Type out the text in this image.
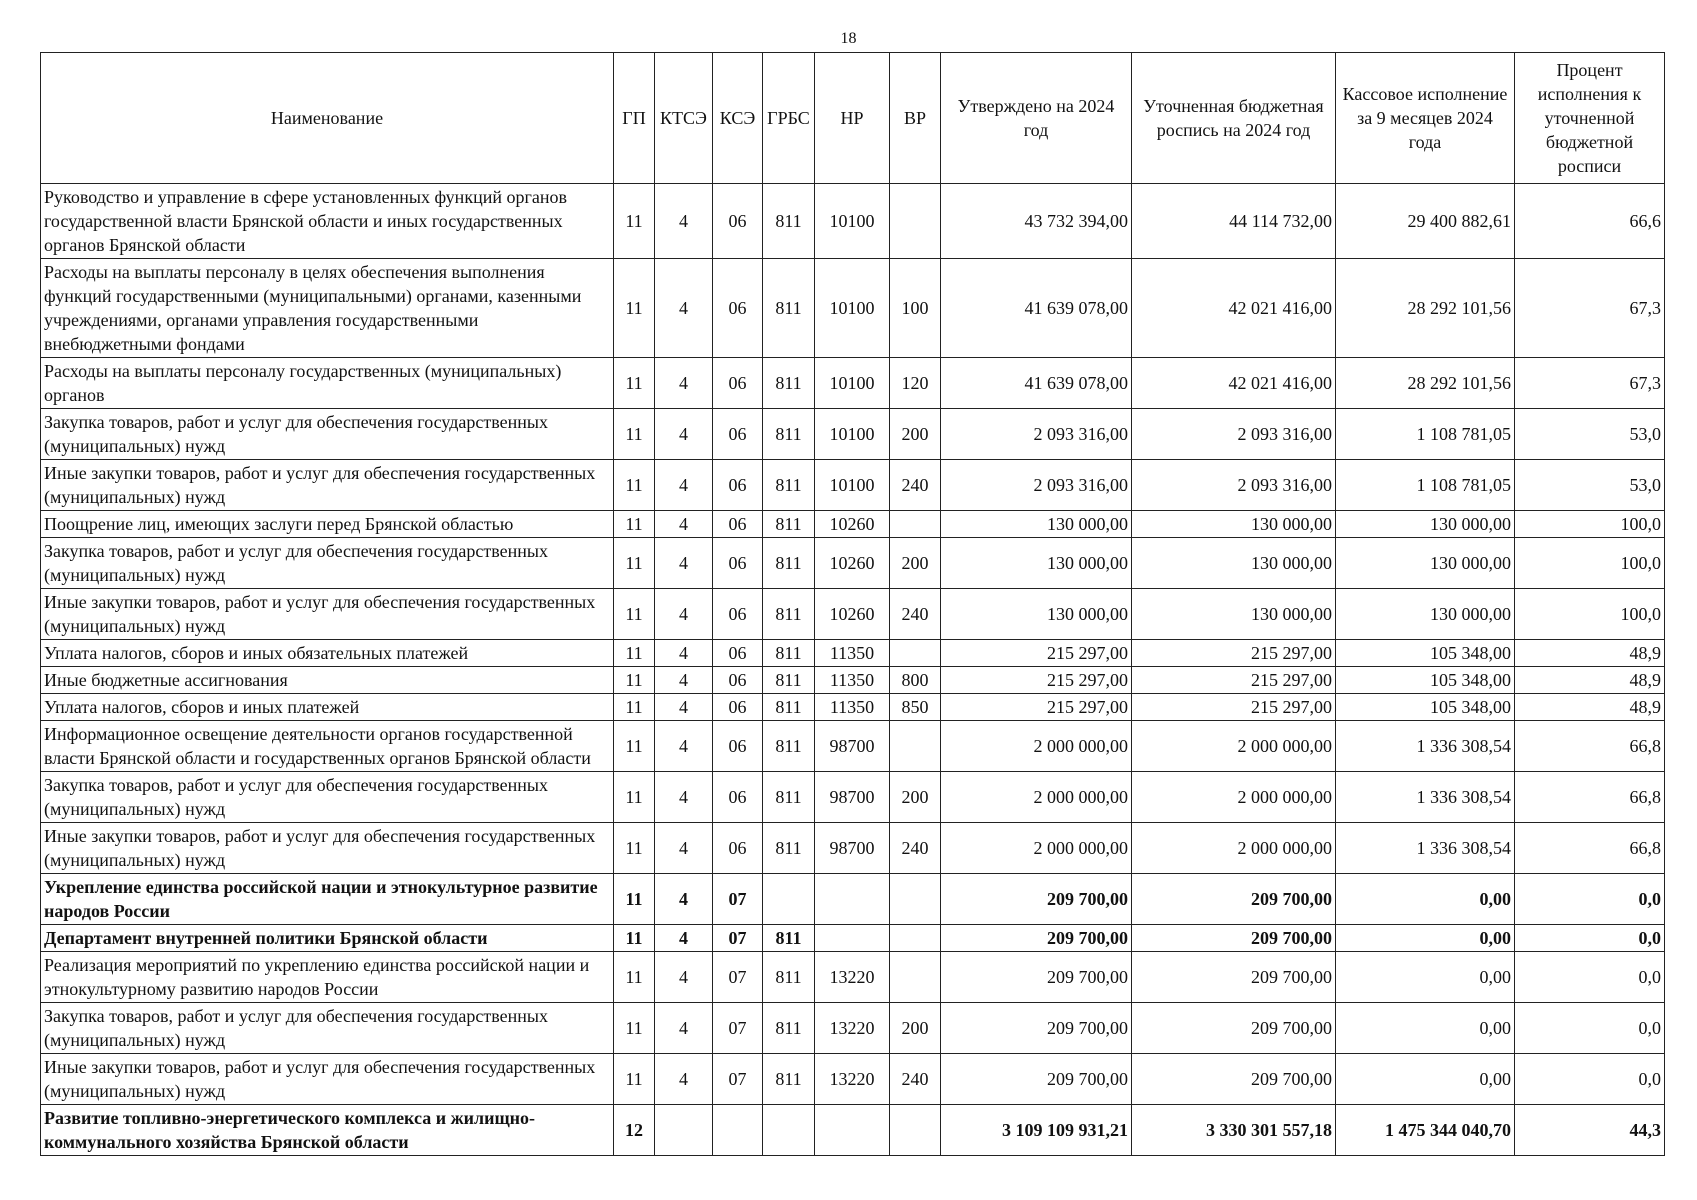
18
Наименование	ГП	КТСЭ	КСЭ	ГРБС	НР	ВР	Утверждено на 2024 год	Уточненная бюджетная роспись на 2024 год	Кассовое исполнение за 9 месяцев 2024 года	Процент исполнения к уточненной бюджетной росписи
Руководство и управление в сфере установленных функций органов государственной власти Брянской области и иных государственных органов Брянской области	11	4	06	811	10100		43 732 394,00	44 114 732,00	29 400 882,61	66,6
Расходы на выплаты персоналу в целях обеспечения выполнения функций государственными (муниципальными) органами, казенными учреждениями, органами управления государственными внебюджетными фондами	11	4	06	811	10100	100	41 639 078,00	42 021 416,00	28 292 101,56	67,3
Расходы на выплаты персоналу государственных (муниципальных) органов	11	4	06	811	10100	120	41 639 078,00	42 021 416,00	28 292 101,56	67,3
Закупка товаров, работ и услуг для обеспечения государственных (муниципальных) нужд	11	4	06	811	10100	200	2 093 316,00	2 093 316,00	1 108 781,05	53,0
Иные закупки товаров, работ и услуг для обеспечения государственных (муниципальных) нужд	11	4	06	811	10100	240	2 093 316,00	2 093 316,00	1 108 781,05	53,0
Поощрение лиц, имеющих заслуги перед Брянской областью	11	4	06	811	10260		130 000,00	130 000,00	130 000,00	100,0
Закупка товаров, работ и услуг для обеспечения государственных (муниципальных) нужд	11	4	06	811	10260	200	130 000,00	130 000,00	130 000,00	100,0
Иные закупки товаров, работ и услуг для обеспечения государственных (муниципальных) нужд	11	4	06	811	10260	240	130 000,00	130 000,00	130 000,00	100,0
Уплата налогов, сборов и иных обязательных платежей	11	4	06	811	11350		215 297,00	215 297,00	105 348,00	48,9
Иные бюджетные ассигнования	11	4	06	811	11350	800	215 297,00	215 297,00	105 348,00	48,9
Уплата налогов, сборов и иных платежей	11	4	06	811	11350	850	215 297,00	215 297,00	105 348,00	48,9
Информационное освещение деятельности органов государственной власти Брянской области и государственных органов Брянской области	11	4	06	811	98700		2 000 000,00	2 000 000,00	1 336 308,54	66,8
Закупка товаров, работ и услуг для обеспечения государственных (муниципальных) нужд	11	4	06	811	98700	200	2 000 000,00	2 000 000,00	1 336 308,54	66,8
Иные закупки товаров, работ и услуг для обеспечения государственных (муниципальных) нужд	11	4	06	811	98700	240	2 000 000,00	2 000 000,00	1 336 308,54	66,8
Укрепление единства российской нации и этнокультурное развитие народов России	11	4	07				209 700,00	209 700,00	0,00	0,0
Департамент внутренней политики Брянской области	11	4	07	811			209 700,00	209 700,00	0,00	0,0
Реализация мероприятий по укреплению единства российской нации и этнокультурному развитию народов России	11	4	07	811	13220		209 700,00	209 700,00	0,00	0,0
Закупка товаров, работ и услуг для обеспечения государственных (муниципальных) нужд	11	4	07	811	13220	200	209 700,00	209 700,00	0,00	0,0
Иные закупки товаров, работ и услуг для обеспечения государственных (муниципальных) нужд	11	4	07	811	13220	240	209 700,00	209 700,00	0,00	0,0
Развитие топливно-энергетического комплекса и жилищно-коммунального хозяйства Брянской области	12						3 109 109 931,21	3 330 301 557,18	1 475 344 040,70	44,3
